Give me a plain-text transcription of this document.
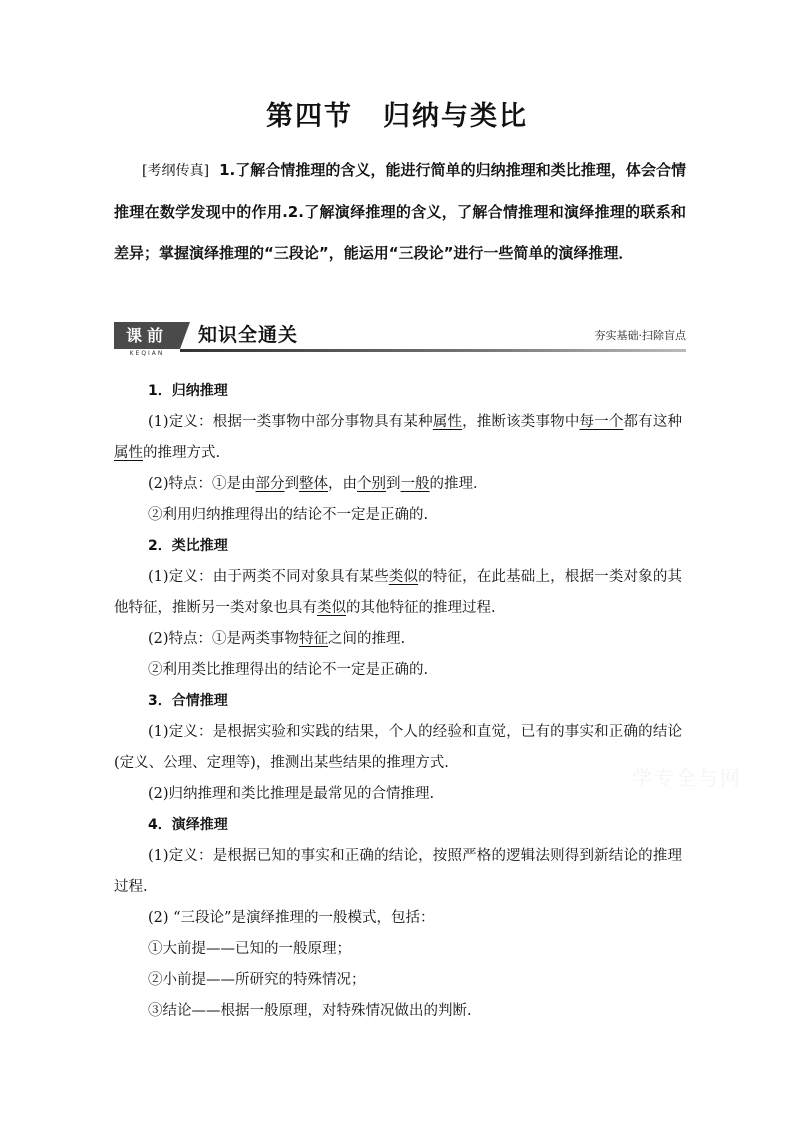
第四节 归纳与类比
[考纲传真] 1.了解合情推理的含义，能进行简单的归纳推理和类比推理，体会合情推理在数学发现中的作用.2.了解演绎推理的含义，了解合情推理和演绎推理的联系和差异；掌握演绎推理的“三段论”，能运用“三段论”进行一些简单的演绎推理．
课前
KEQIAN
知识全通关	夯实基础·扫除盲点

1．归纳推理

(1)定义：根据一类事物中部分事物具有某种属性，推断该类事物中每一个都有这种属性的推理方式.

(2)特点：①是由部分到整体，由个别到一般的推理．

②利用归纳推理得出的结论不一定是正确的.

2．类比推理

(1)定义：由于两类不同对象具有某些类似的特征，在此基础上，根据一类对象的其他特征，推断另一类对象也具有类似的其他特征的推理过程.

(2)特点：①是两类事物特征之间的推理.

②利用类比推理得出的结论不一定是正确的.

3．合情推理

(1)定义：是根据实验和实践的结果，个人的经验和直觉，已有的事实和正确的结论(定义、公理、定理等)，推测出某些结果的推理方式.

(2)归纳推理和类比推理是最常见的合情推理.

4．演绎推理

(1)定义：是根据已知的事实和正确的结论，按照严格的逻辑法则得到新结论的推理过程.

(2) “三段论”是演绎推理的一般模式，包括：

①大前提——已知的一般原理；

②小前提——所研究的特殊情况；

③结论——根据一般原理，对特殊情况做出的判断.

学专全与网
